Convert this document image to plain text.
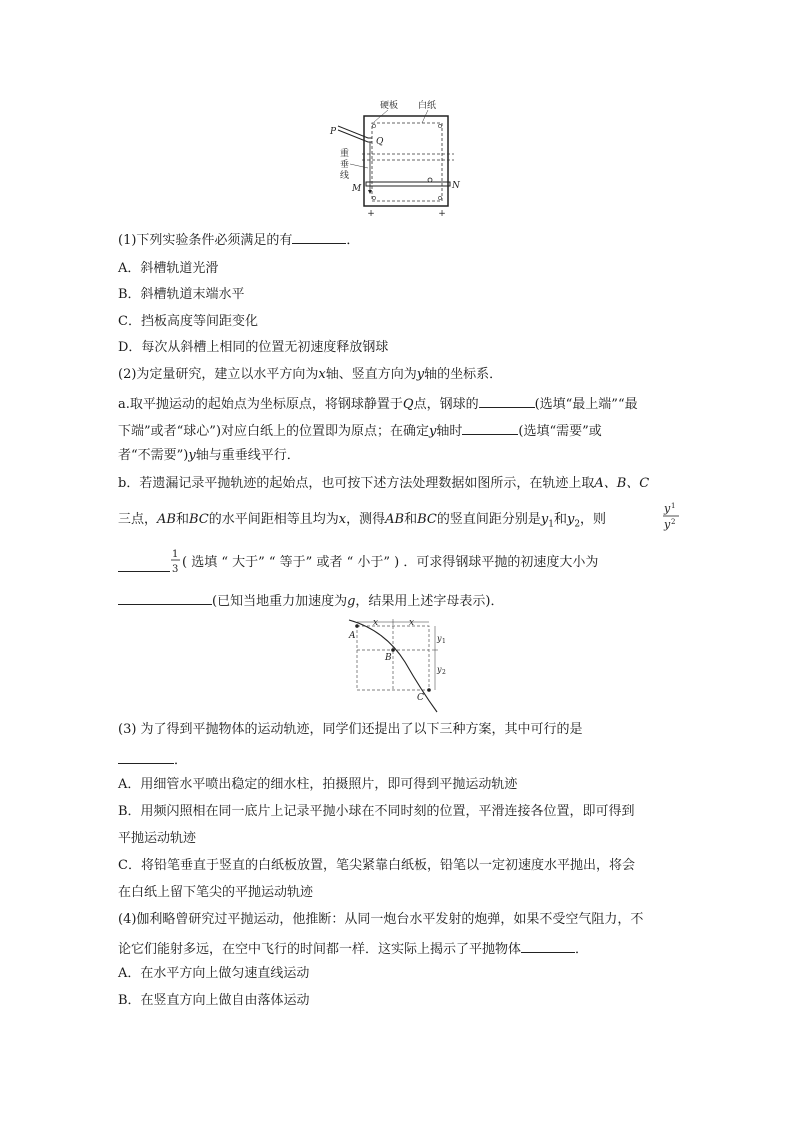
+	+
硬板 白纸
P
Q
M	N
重
垂
线
(1)下列实验条件必须满足的有	．
A．斜槽轨道光滑
B．斜槽轨道末端水平
C．挡板高度等间距变化
D．每次从斜槽上相同的位置无初速度释放钢球
(2)为定量研究，建立以水平方向为x轴、竖直方向为y轴的坐标系．
a.取平抛运动的起始点为坐标原点，将钢球静置于Q点，钢球的	(选填“最上端”“最
下端”或者“球心”)对应白纸上的位置即为原点；在确定y轴时	(选填“需要”或
者“不需要”)y轴与重垂线平行．
b．若遗漏记录平抛轨迹的起始点，也可按下述方法处理数据如图所示，在轨迹上取A、B、C
三点，AB和BC的水平间距相等且均为x，测得AB和BC的竖直间距分别是$y_1$和$y_2$，则
y 1
y 2
1
3 ( 选填 “ 大于” “ 等于” 或者 “ 小于” ) ．可求得钢球平抛的初速度大小为
(已知当地重力加速度为g，结果用上述字母表示)．
x	x
y 1
y 2
A
B
C
(3) 为了得到平抛物体的运动轨迹，同学们还提出了以下三种方案，其中可行的是
．
A．用细管水平喷出稳定的细水柱，拍摄照片，即可得到平抛运动轨迹
B．用频闪照相在同一底片上记录平抛小球在不同时刻的位置，平滑连接各位置，即可得到
平抛运动轨迹
C．将铅笔垂直于竖直的白纸板放置，笔尖紧靠白纸板，铅笔以一定初速度水平抛出，将会
在白纸上留下笔尖的平抛运动轨迹
(4)伽利略曾研究过平抛运动，他推断：从同一炮台水平发射的炮弹，如果不受空气阻力，不
论它们能射多远，在空中飞行的时间都一样．这实际上揭示了平抛物体	．
A．在水平方向上做匀速直线运动
B．在竖直方向上做自由落体运动
